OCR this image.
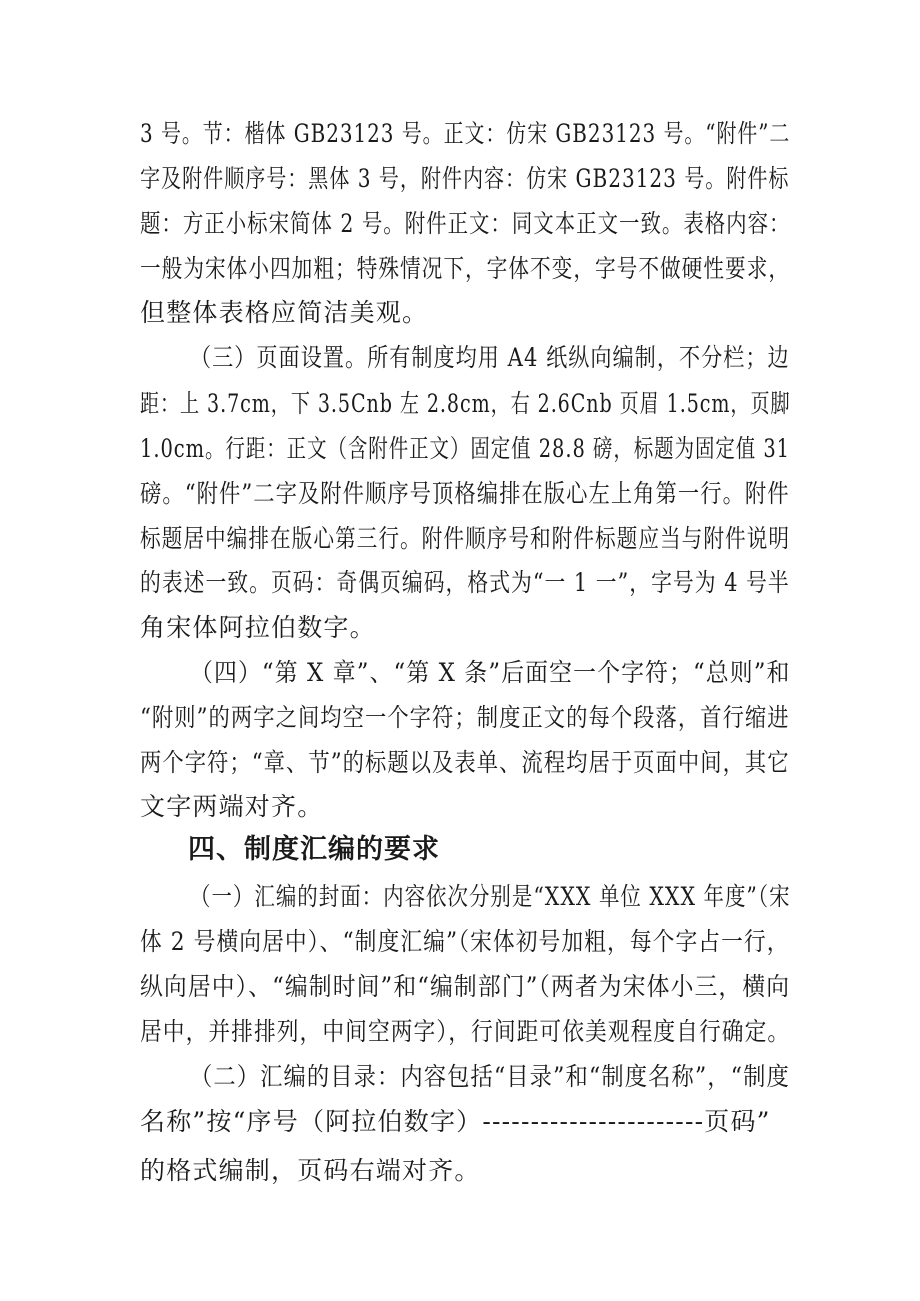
3 号。节：楷体 GB23123 号。正文：仿宋 GB23123 号。“附件”二
字及附件顺序号：黑体 3 号，附件内容：仿宋 GB23123 号。附件标
题：方正小标宋简体 2 号。附件正文：同文本正文一致。表格内容：
一般为宋体小四加粗；特殊情况下，字体不变，字号不做硬性要求，
但整体表格应简洁美观。
（三）页面设置。所有制度均用 A4 纸纵向编制，不分栏；边
距：上 3.7cm，下 3.5Cnb 左 2.8cm，右 2.6Cnb 页眉 1.5cm，页脚
1.0cm。行距：正文（含附件正文）固定值 28.8 磅，标题为固定值 31
磅。“附件”二字及附件顺序号顶格编排在版心左上角第一行。附件
标题居中编排在版心第三行。附件顺序号和附件标题应当与附件说明
的表述一致。页码：奇偶页编码，格式为“一 1 一”，字号为 4 号半
角宋体阿拉伯数字。
（四）“第 X 章”、“第 X 条”后面空一个字符；“总则”和
“附则”的两字之间均空一个字符；制度正文的每个段落，首行缩进
两个字符；“章、节”的标题以及表单、流程均居于页面中间，其它
文字两端对齐。
四、制度汇编的要求
（一）汇编的封面：内容依次分别是“XXX 单位 XXX 年度”（宋
体 2 号横向居中）、“制度汇编”（宋体初号加粗，每个字占一行，
纵向居中）、“编制时间”和“编制部门”（两者为宋体小三，横向
居中，并排排列，中间空两字），行间距可依美观程度自行确定。
（二）汇编的目录：内容包括“目录”和“制度名称”，“制度
名称”按“序号（阿拉伯数字）-----------------------页码”
的格式编制，页码右端对齐。
